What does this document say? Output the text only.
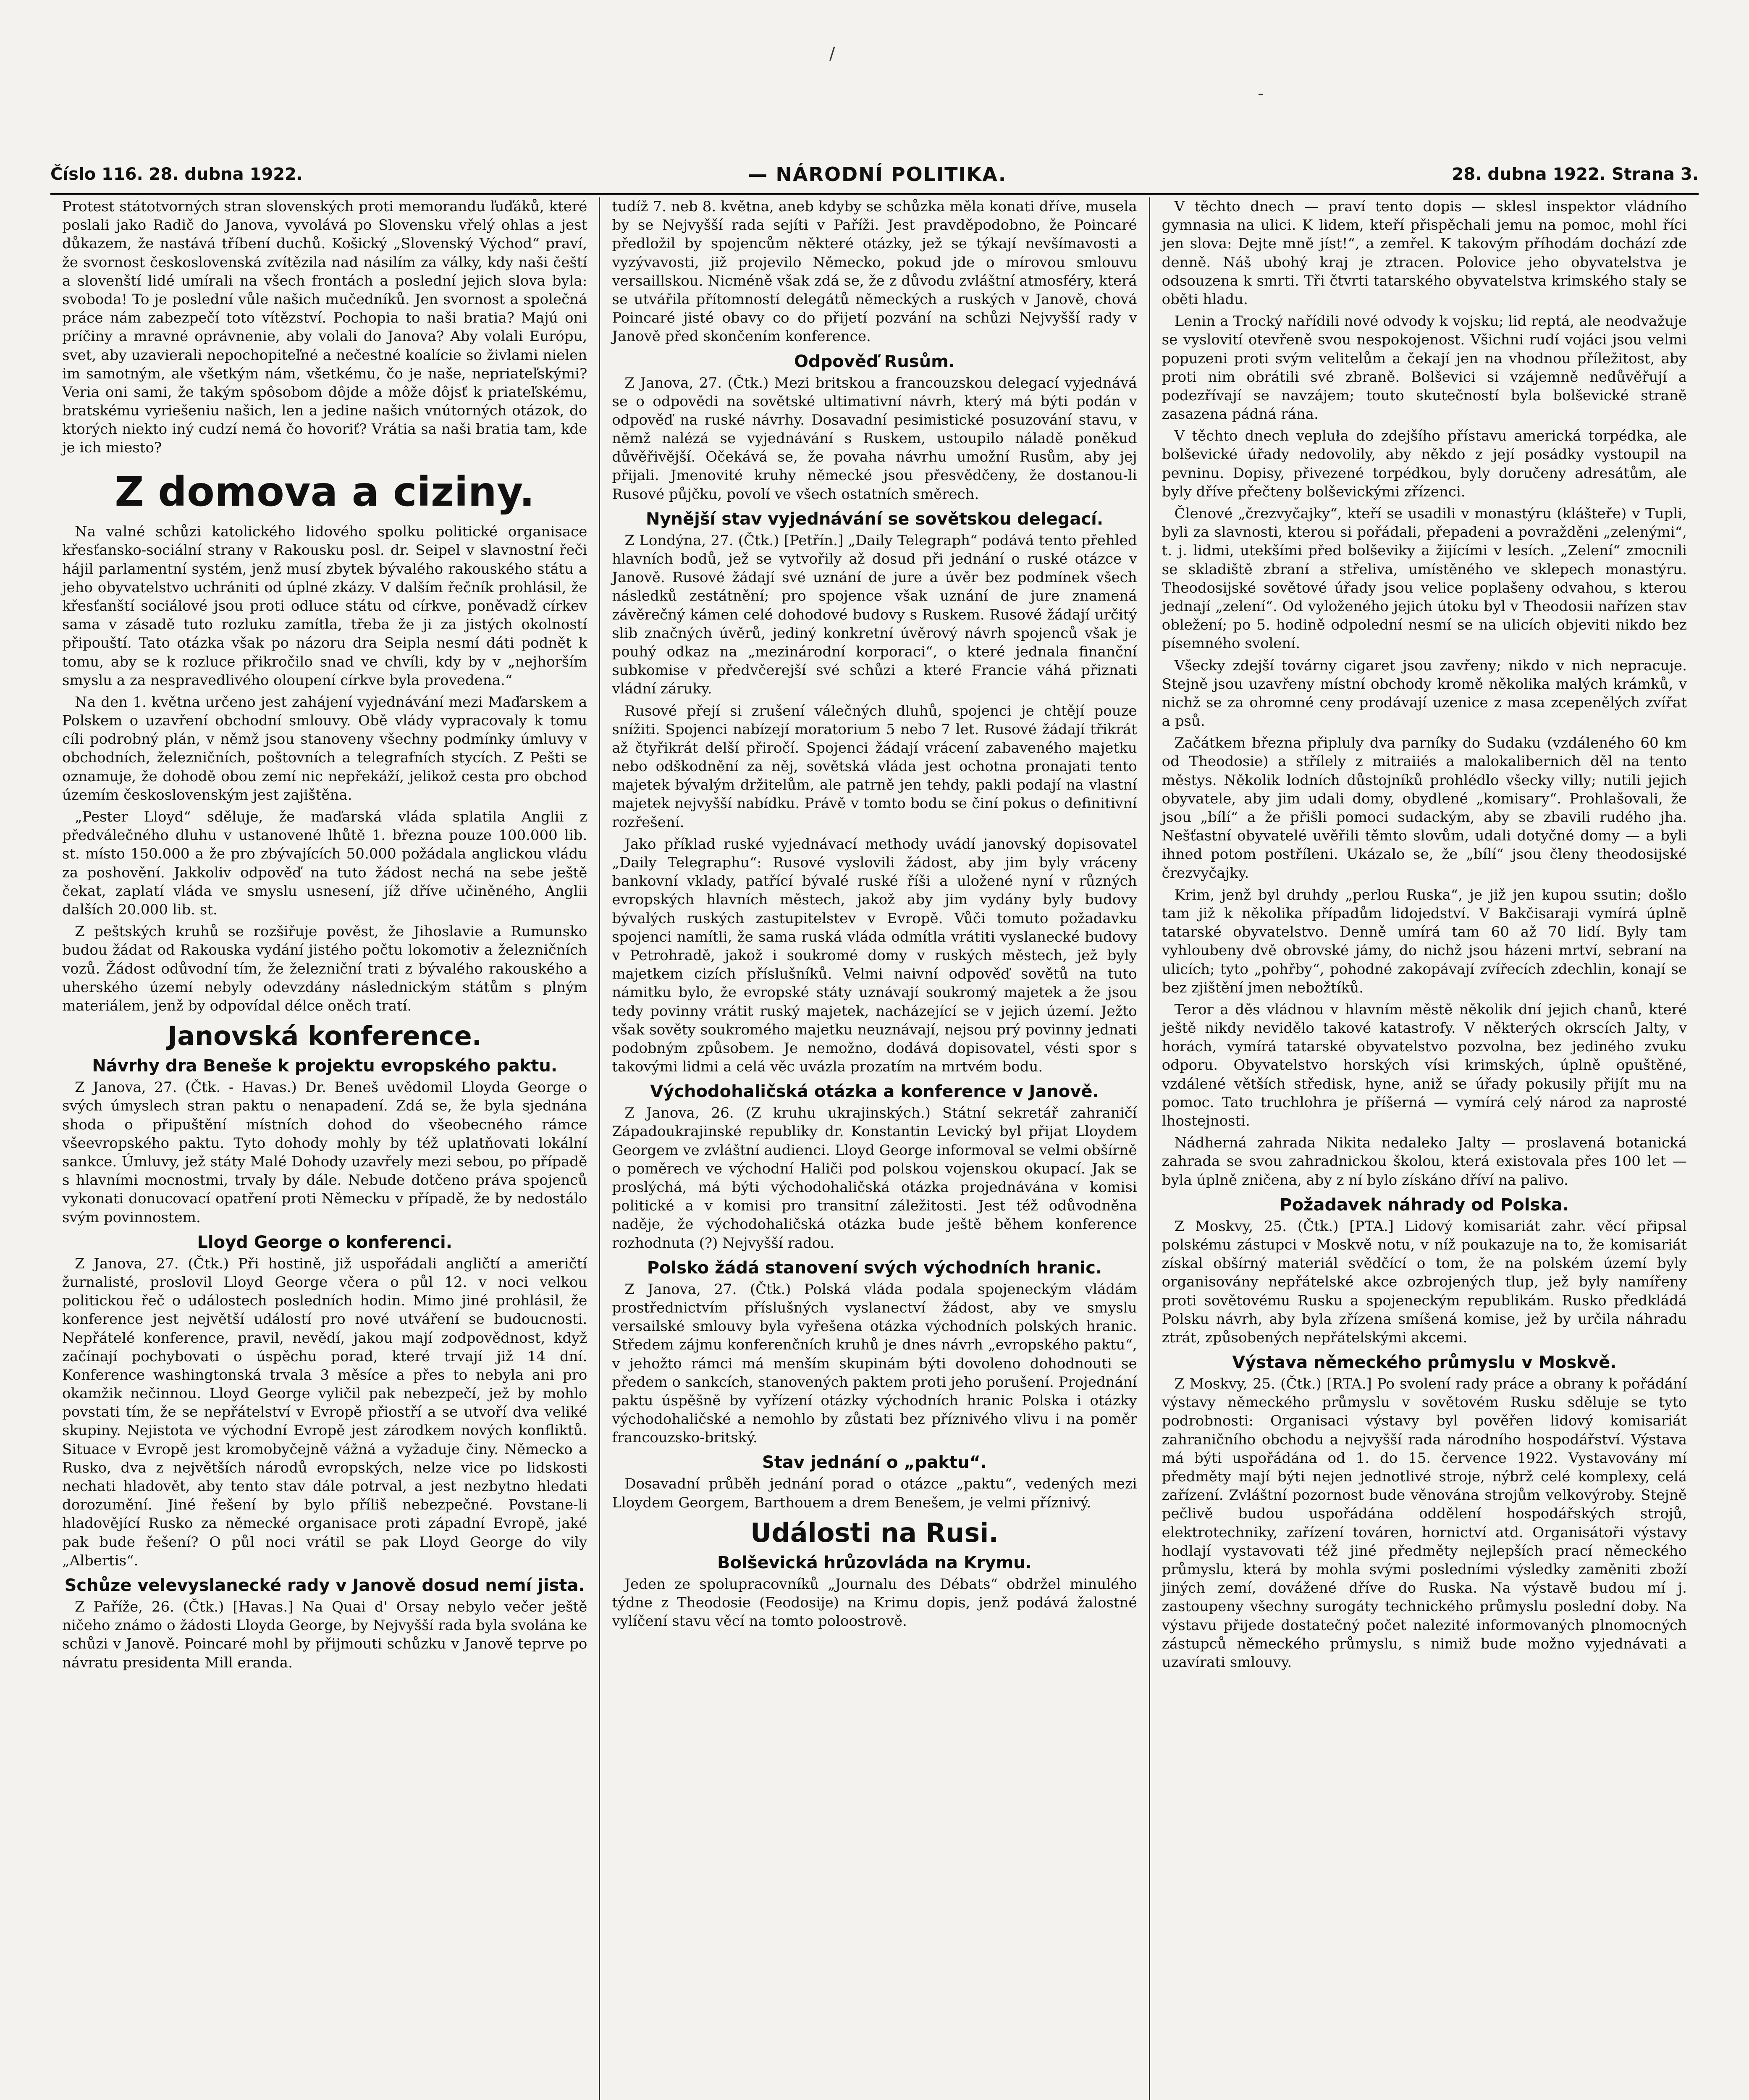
/
-
Číslo 116. 28. dubna 1922.	— NÁRODNÍ POLITIKA.	28. dubna 1922. Strana 3.

Protest státotvorných stran slovenských proti memorandu ľuďáků, které poslali jako Radič do Janova, vyvolává po Slovensku vřelý ohlas a jest důkazem, že nastává tříbení duchů. Košický „Slovenský Východ“ praví, že svornost československá zvítězila nad násilím za války, kdy naši čeští a slovenští lidé umírali na všech frontách a poslední jejich slova byla: svoboda! To je poslední vůle našich mučedníků. Jen svornost a společná práce nám zabezpečí toto vítězství. Pochopia to naši bratia? Majú oni príčiny a mravné oprávnenie, aby volali do Janova? Aby volali Európu, svet, aby uzavierali nepochopiteľné a nečestné koalície so živlami nielen im samotným, ale všetkým nám, všetkému, čo je naše, nepriateľskými? Veria oni sami, že takým spôsobom dôjde a môže dôjsť k priateľskému, bratskému vyriešeniu našich, len a jedine našich vnútorných otázok, do ktorých niekto iný cudzí nemá čo hovoriť? Vrátia sa naši bratia tam, kde je ich miesto?

Z domova a ciziny.

Na valné schůzi katolického lidového spolku politické organisace křesťansko-sociální strany v Rakousku posl. dr. Seipel v slavnostní řeči hájil parlamentní systém, jenž musí zbytek bývalého rakouského státu a jeho obyvatelstvo uchrániti od úplné zkázy. V dalším řečník prohlásil, že křesťanští sociálové jsou proti odluce státu od církve, poněvadž církev sama v zásadě tuto rozluku zamítla, třeba že ji za jistých okolností připouští. Tato otázka však po názoru dra Seipla nesmí dáti podnět k tomu, aby se k rozluce přikročilo snad ve chvíli, kdy by v „nejhorším smyslu a za nespravedlivého oloupení církve byla provedena.“

Na den 1. května určeno jest zahájení vyjednávání mezi Maďarskem a Polskem o uzavření obchodní smlouvy. Obě vlády vypracovaly k tomu cíli podrobný plán, v němž jsou stanoveny všechny podmínky úmluvy v obchodních, železničních, poštovních a telegrafních stycích. Z Pešti se oznamuje, že dohodě obou zemí nic nepřekáží, jelikož cesta pro obchod územím československým jest zajištěna.

„Pester Lloyd“ sděluje, že maďarská vláda splatila Anglii z předválečného dluhu v ustanovené lhůtě 1. března pouze 100.000 lib. st. místo 150.000 a že pro zbývajících 50.000 požádala anglickou vládu za poshovění. Jakkoliv odpověď na tuto žádost nechá na sebe ještě čekat, zaplatí vláda ve smyslu usnesení, jíž dříve učiněného, Anglii dalších 20.000 lib. st.

Z peštských kruhů se rozšiřuje pověst, že Jihoslavie a Rumunsko budou žádat od Rakouska vydání jistého počtu lokomotiv a železničních vozů. Žádost odůvodní tím, že železniční trati z bývalého rakouského a uherského území nebyly odevzdány následnickým státům s plným materiálem, jenž by odpovídal délce oněch tratí.

Janovská konference.
Návrhy dra Beneše k projektu evropského paktu.

Z Janova, 27. (Čtk. - Havas.) Dr. Beneš uvědomil Lloyda George o svých úmyslech stran paktu o nenapadení. Zdá se, že byla sjednána shoda o připuštění místních dohod do všeobecného rámce všeevropského paktu. Tyto dohody mohly by též uplatňovati lokální sankce. Úmluvy, jež státy Malé Dohody uzavřely mezi sebou, po případě s hlavními mocnostmi, trvaly by dále. Nebude dotčeno práva spojenců vykonati donucovací opatření proti Německu v případě, že by nedostálo svým povinnostem.

Lloyd George o konferenci.

Z Janova, 27. (Čtk.) Při hostině, již uspořádali angličtí a američtí žurnalisté, proslovil Lloyd George včera o půl 12. v noci velkou politickou řeč o událostech posledních hodin. Mimo jiné prohlásil, že konference jest největší událostí pro nové utváření se budoucnosti. Nepřátelé konference, pravil, nevědí, jakou mají zodpovědnost, když začínají pochybovati o úspěchu porad, které trvají již 14 dní. Konference washingtonská trvala 3 měsíce a přes to nebyla ani pro okamžik nečinnou. Lloyd George vyličil pak nebezpečí, jež by mohlo povstati tím, že se nepřátelství v Evropě přiostří a se utvoří dva veliké skupiny. Nejistota ve východní Evropě jest zárodkem nových konfliktů. Situace v Evropě jest kromobyčejně vážná a vyžaduje činy. Německo a Rusko, dva z největších národů evropských, nelze vice po lidskosti nechati hladovět, aby tento stav dále potrval, a jest nezbytno hledati dorozumění. Jiné řešení by bylo příliš nebezpečné. Povstane-li hladovějící Rusko za německé organisace proti západní Evropě, jaké pak bude řešení? O půl noci vrátil se pak Lloyd George do vily „Albertis“.

Schůze velevyslanecké rady v Janově dosud nemí jista.

Z Paříže, 26. (Čtk.) [Havas.] Na Quai d' Orsay nebylo večer ještě ničeho známo o žádosti Lloyda George, by Nejvyšší rada byla svolána ke schůzi v Janově. Poincaré mohl by přijmouti schůzku v Janově teprve po návratu presidenta Mill erandа.

tudíž 7. neb 8. května, aneb kdyby se schůzka měla konati dříve, musela by se Nejvyšší rada sejíti v Paříži. Jest pravděpodobno, že Poincaré předložil by spojencům některé otázky, jež se týkají nevšímavosti a vyzývavosti, již projevilo Německo, pokud jde o mírovou smlouvu versaillskou. Nicméně však zdá se, že z důvodu zvláštní atmosféry, která se utvářila přítomností delegátů německých a ruských v Janově, chová Poincaré jisté obavy co do přijetí pozvání na schůzi Nejvyšší rady v Janově před skončením konference.

Odpověď Rusům.

Z Janova, 27. (Čtk.) Mezi britskou a francouzskou delegací vyjednává se o odpovědi na sovětské ultimativní návrh, který má býti podán v odpověď na ruské návrhy. Dosavadní pesimistické posuzování stavu, v němž nalézá se vyjednávání s Ruskem, ustoupilo náladě poněkud důvěřivější. Očekává se, že povaha návrhu umožní Rusům, aby jej přijali. Jmenovité kruhy německé jsou přesvědčeny, že dostanou-li Rusové půjčku, povolí ve všech ostatních směrech.

Nynější stav vyjednávání se sovětskou delegací.

Z Londýna, 27. (Čtk.) [Petřín.] „Daily Telegraph“ podává tento přehled hlavních bodů, jež se vytvořily až dosud při jednání o ruské otázce v Janově. Rusové žádají své uznání de jure a úvěr bez podmínek všech následků zestátnění; pro spojence však uznání de jure znamená závěrečný kámen celé dohodové budovy s Ruskem. Rusové žádají určitý slib značných úvěrů, jediný konkretní úvěrový návrh spojenců však je pouhý odkaz na „mezinárodní korporaci“, o které jednala finanční subkomise v předvčerejší své schůzi a které Francie váhá přiznati vládní záruky.

Rusové přejí si zrušení válečných dluhů, spojenci je chtějí pouze snížiti. Spojenci nabízejí moratorium 5 nebo 7 let. Rusové žádají třikrát až čtyřikrát delší přiročí. Spojenci žádají vrácení zabaveného majetku nebo odškodnění za něj, sovětská vláda jest ochotna pronajati tento majetek bývalým držitelům, ale patrně jen tehdy, pakli podají na vlastní majetek nejvyšší nabídku. Právě v tomto bodu se činí pokus o definitivní rozřešení.

Jako příklad ruské vyjednávací methody uvádí janovský dopisovatel „Daily Telegraphu“: Rusové vyslovili žádost, aby jim byly vráceny bankovní vklady, patřící bývalé ruské říši a uložené nyní v různých evropských hlavních městech, jakož aby jim vydány byly budovy bývalých ruských zastupitelstev v Evropě. Vůči tomuto požadavku spojenci namítli, že sama ruská vláda odmítla vrátiti vyslanecké budovy v Petrohradě, jakož i soukromé domy v ruských městech, jež byly majetkem cizích příslušníků. Velmi naivní odpověď sovětů na tuto námitku bylo, že evropské státy uznávají soukromý majetek a že jsou tedy povinny vrátit ruský majetek, nacházející se v jejich území. Ježto však sověty soukromého majetku neuznávají, nejsou prý povinny jednati podobným způsobem. Je nemožno, dodává dopisovatel, vésti spor s takovými lidmi a celá věc uvázla prozatím na mrtvém bodu.

Východohaličská otázka a konference v Janově.

Z Janova, 26. (Z kruhu ukrajinských.) Státní sekretář zahraničí Západoukrajinské republiky dr. Konstantin Levický byl přijat Lloydem Georgem ve zvláštní audienci. Lloyd George informoval se velmi obšírně o poměrech ve východní Haliči pod polskou vojenskou okupací. Jak se proslýchá, má býti východohaličská otázka projednávána v komisi politické a v komisi pro transitní záležitosti. Jest též odůvodněna naděje, že východohaličská otázka bude ještě během konference rozhodnuta (?) Nejvyšší radou.

Polsko žádá stanovení svých východních hranic.

Z Janova, 27. (Čtk.) Polská vláda podala spojeneckým vládám prostřednictvím příslušných vyslanectví žádost, aby ve smyslu versailské smlouvy byla vyřešena otázka východních polských hranic. Středem zájmu konferenčních kruhů je dnes návrh „evropského paktu“, v jehožto rámci má menším skupinám býti dovoleno dohodnouti se předem o sankcích, stanovených paktem proti jeho porušení. Projednání paktu úspěšně by vyřízení otázky východních hranic Polska i otázky východohaličské a nemohlo by zůstati bez příznivého vlivu i na poměr francouzsko-britský.

Stav jednání o „paktu“.

Dosavadní průběh jednání porad o otázce „paktu“, vedených mezi Lloydem Georgem, Barthouem a drem Benešem, je velmi příznivý.

Události na Rusi.
Bolševická hrůzovláda na Krymu.

Jeden ze spolupracovníků „Journalu des Débats“ obdržel minulého týdne z Theodosie (Feodosije) na Krimu dopis, jenž podává žalostné vylíčení stavu věcí na tomto poloostrově.

V těchto dnech — praví tento dopis — sklesl inspektor vládního gymnasia na ulici. K lidem, kteří přispěchali jemu na pomoc, mohl říci jen slova: Dejte mně jíst!“, a zemřel. K takovým příhodám dochází zde denně. Náš ubohý kraj je ztracen. Polovice jeho obyvatelstva je odsouzena k smrti. Tři čtvrti tatarského obyvatelstva krimského staly se oběti hladu.

Lenin a Trocký nařídili nové odvody k vojsku; lid reptá, ale neodvažuje se vyslovití otevřeně svou nespokojenost. Všichni rudí vojáci jsou velmi popuzeni proti svým velitelům a čekají jen na vhodnou příležitost, aby proti nim obrátili své zbraně. Bolševici si vzájemně nedůvěřují a podezřívají se navzájem; touto skutečností byla bolševické straně zasazena pádná rána.

V těchto dnech vepluła do zdejšího přístavu americká torpédka, ale bolševické úřady nedovolily, aby někdo z její posádky vystoupil na pevninu. Dopisy, přivezené torpédkou, byly doručeny adresátům, ale byly dříve přečteny bolševickými zřízenci.

Členové „črezvyčajky“, kteří se usadili v monastýru (klášteře) v Tupli, byli za slavnosti, kterou si pořádali, přepadeni a povražděni „zelenými“, t. j. lidmi, utekšími před bolševiky a žijícími v lesích. „Zelení“ zmocnili se skladiště zbraní a střeliva, umístěného ve sklepech monastýru. Theodosijské sovětové úřady jsou velice poplašeny odvahou, s kterou jednají „zelení“. Od vyloženého jejich útoku byl v Theodosii nařízen stav obležení; po 5. hodině odpolední nesmí se na ulicích objeviti nikdo bez písemného svolení.

Všecky zdejší továrny cigaret jsou zavřeny; nikdo v nich nepracuje. Stejně jsou uzavřeny místní obchody kromě několika malých krámků, v nichž se za ohromné ceny prodávají uzenice z masa zcepenělých zvířat a psů.

Začátkem března připluly dva parníky do Sudaku (vzdáleného 60 km od Theodosie) a střílely z mitraiiés a malokalibernich děl na tento městys. Několik lodních důstojníků prohlédlo všecky villy; nutili jejich obyvatele, aby jim udali domy, obydlené „komisary“. Prohlašovali, že jsou „bílí“ a že přišli pomoci sudackým, aby se zbavili rudého jha. Nešťastní obyvatelé uvěřili těmto slovům, udali dotyčné domy — a byli ihned potom postříleni. Ukázalo se, že „bílí“ jsou členy theodosijské črezvyčajky.

Krim, jenž byl druhdy „perlou Ruska“, je již jen kupou ssutin; došlo tam již k několika případům lidojedství. V Bakčisaraji vymírá úplně tatarské obyvatelstvo. Denně umírá tam 60 až 70 lidí. Byly tam vyhloubeny dvě obrovské jámy, do nichž jsou házeni mrtví, sebraní na ulicích; tyto „pohřby“, pohodné zakopávají zvířecích zdechlin, konají se bez zjištění jmen nebožtíků.

Teror a děs vládnou v hlavním městě několik dní jejich chanů, které ještě nikdy nevidělo takové katastrofy. V některých okrscích Jalty, v horách, vymírá tatarské obyvatelstvo pozvolna, bez jediného zvuku odporu. Obyvatelstvo horských vísi krimských, úplně opuštěné, vzdálené větších středisk, hyne, aniž se úřady pokusily přijít mu na pomoc. Tato truchlohra je příšerná — vymírá celý národ za naprosté lhostejnosti.

Nádherná zahrada Nikita nedaleko Jalty — proslavená botanická zahrada se svou zahradnickou školou, která existovala přes 100 let — byla úplně zničena, aby z ní bylo získáno dříví na palivo.

Požadavek náhrady od Polska.

Z Moskvy, 25. (Čtk.) [PTA.] Lidový komisariát zahr. věcí připsal polskému zástupci v Moskvě notu, v níž poukazuje na to, že komisariát získal obšírný materiál svědčící o tom, že na polském území byly organisovány nepřátelské akce ozbrojených tlup, jež byly namířeny proti sovětovému Rusku a spojeneckým republikám. Rusko předkládá Polsku návrh, aby byla zřízena smíšená komise, jež by určila náhradu ztrát, způsobených nepřátelskými akcemi.

Výstava německého průmyslu v Moskvě.

Z Moskvy, 25. (Čtk.) [RTA.] Po svolení rady práce a obrany k pořádání výstavy německého průmyslu v sovětovém Rusku sděluje se tyto podrobnosti: Organisaci výstavy byl pověřen lidový komisariát zahraničního obchodu a nejvyšší rada národního hospodářství. Výstava má býti uspořádána od 1. do 15. července 1922. Vystavovány mí předměty mají býti nejen jednotlivé stroje, nýbrž celé komplexy, celá zařízení. Zvláštní pozornost bude věnována strojům velkovýroby. Stejně pečlivě budou uspořádána oddělení hospodářských strojů, elektrotechniky, zařízení továren, hornictví atd. Organisátoři výstavy hodlají vystavovati též jiné předměty nejlepších prací německého průmyslu, která by mohla svými posledními výsledky zaměniti zboží jiných zemí, dovážené dříve do Ruska. Na výstavě budou mí j. zastoupeny všechny surogáty technického průmyslu poslední doby. Na výstavu přijede dostatečný počet nalezité informovaných plnomocných zástupců německého průmyslu, s nimiž bude možno vyjednávati a uzavírati smlouvy.
